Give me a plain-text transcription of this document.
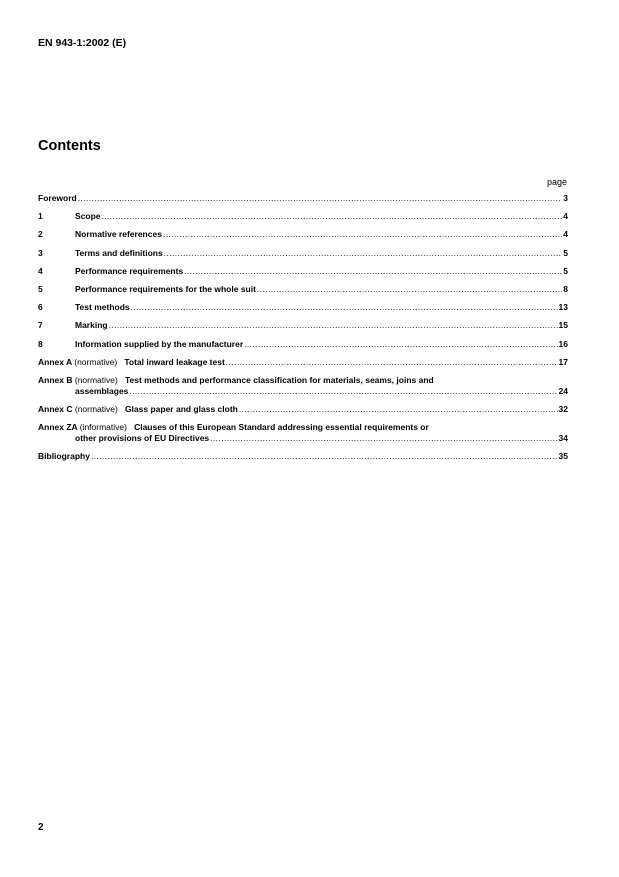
EN 943-1:2002 (E)
Contents
page
Foreword .....	3
1	Scope .....	4
2	Normative references .....	4
3	Terms and definitions .....	5
4	Performance requirements .....	5
5	Performance requirements for the whole suit .....	8
6	Test methods .....	13
7	Marking .....	15
8	Information supplied by the manufacturer .....	16
Annex A (normative) Total inward leakage test .....	17
Annex B (normative) Test methods and performance classification for materials, seams, joins and
assemblages .....	24
Annex C (normative) Glass paper and glass cloth .....	32
Annex ZA (informative) Clauses of this European Standard addressing essential requirements or
other provisions of EU Directives .....	34
Bibliography .....	35
2
